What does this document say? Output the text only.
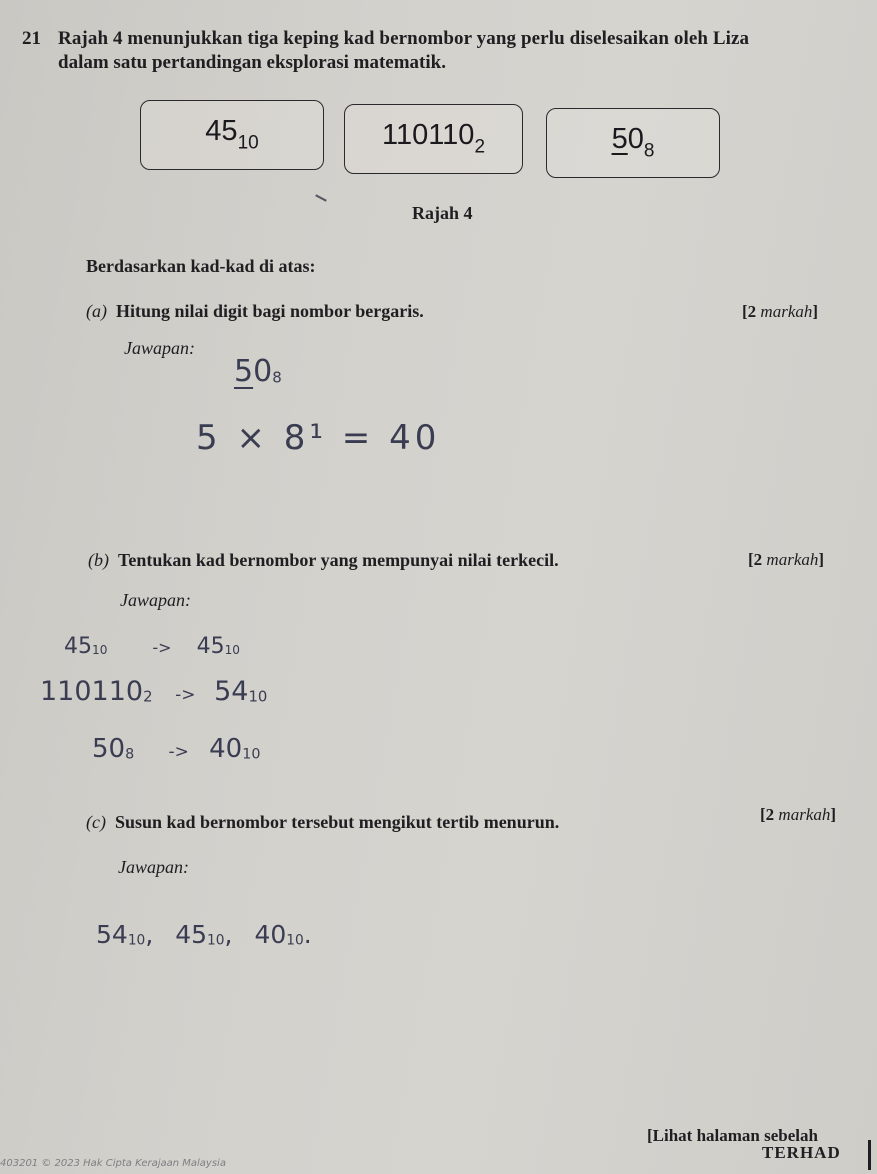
21 Rajah 4 menunjukkan tiga keping kad bernombor yang perlu diselesaikan oleh Liza
dalam satu pertandingan eksplorasi matematik.
$45_{10}$	$110110_2$	$50_8$
Rajah 4
Berdasarkan kad-kad di atas:
(a) Hitung nilai digit bagi nombor bergaris.	[2 markah]
Jawapan:
$50_8$
5 × 8¹ = 40
(b) Tentukan kad bernombor yang mempunyai nilai terkecil.	[2 markah]
Jawapan:
$45_{10}$	-> $45_{10}$
$110110_2 -> 54_{10}$
$50_8 -> 40_{10}$
(c) Susun kad bernombor tersebut mengikut tertib menurun.	[2 markah]
Jawapan:
$54_{10}$, $45_{10}$, $40_{10}$.
[Lihat halaman sebelah
TERHAD
403201 © 2023 Hak Cipta Kerajaan Malaysia
